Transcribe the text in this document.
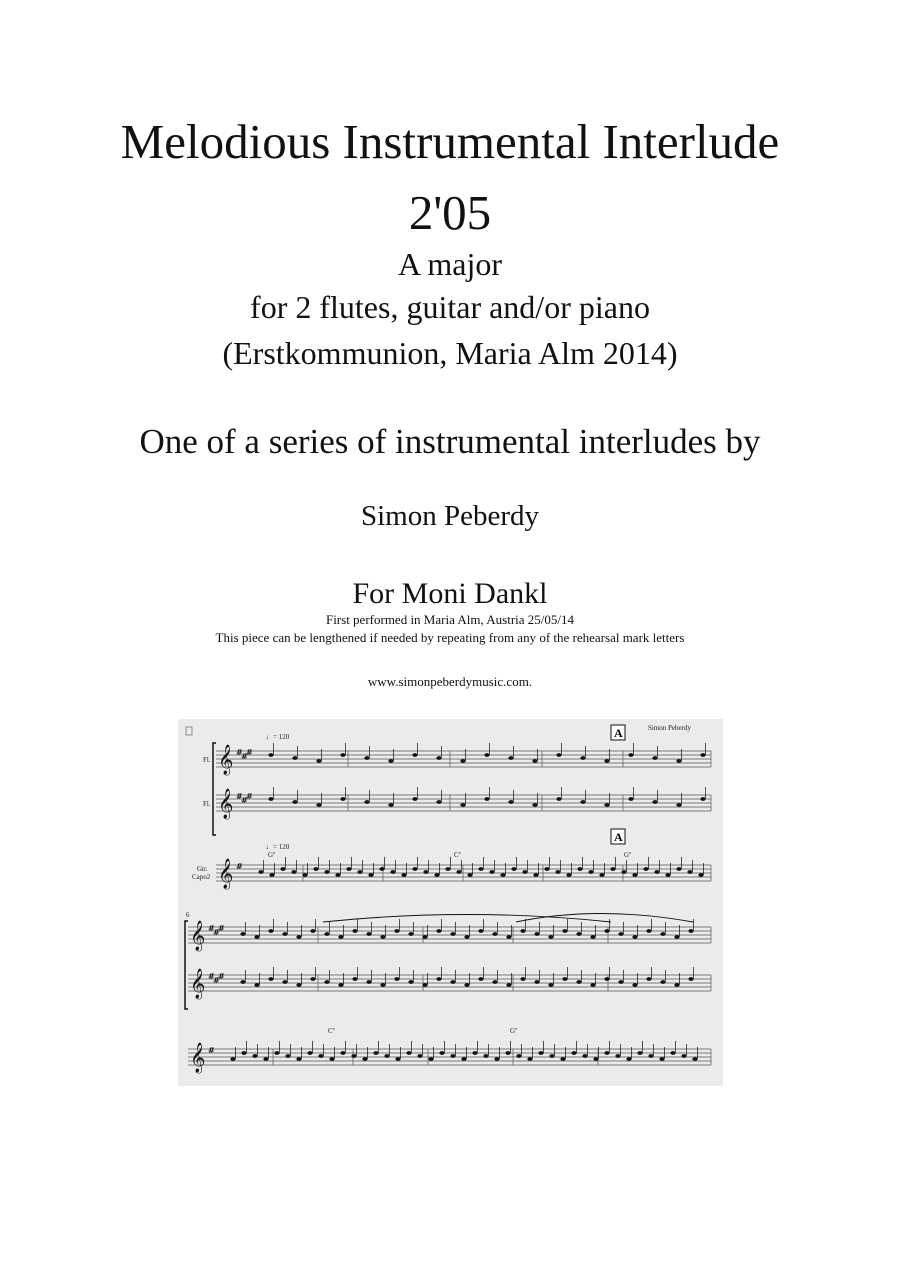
Melodious Instrumental Interlude
2'05
A major
for 2 flutes, guitar and/or piano
(Erstkommunion, Maria Alm 2014)
One of a series of instrumental interludes by
Simon Peberdy
For Moni Dankl
First performed in Maria Alm, Austria 25/05/14
This piece can be lengthened if needed by repeating from any of the rehearsal mark letters
www.simonpeberdymusic.com.
Simon Peberdy
♩= 120
♩= 120
A
A
Fl.
Fl.
Gtr.
Capo2
6
Gº	Cº	Gº
Cº	Gº
𝄞 #
#
#
𝄞 #
#
#
𝄞 #
𝄞 #
#
#
𝄞 #
#
#
𝄞 #
